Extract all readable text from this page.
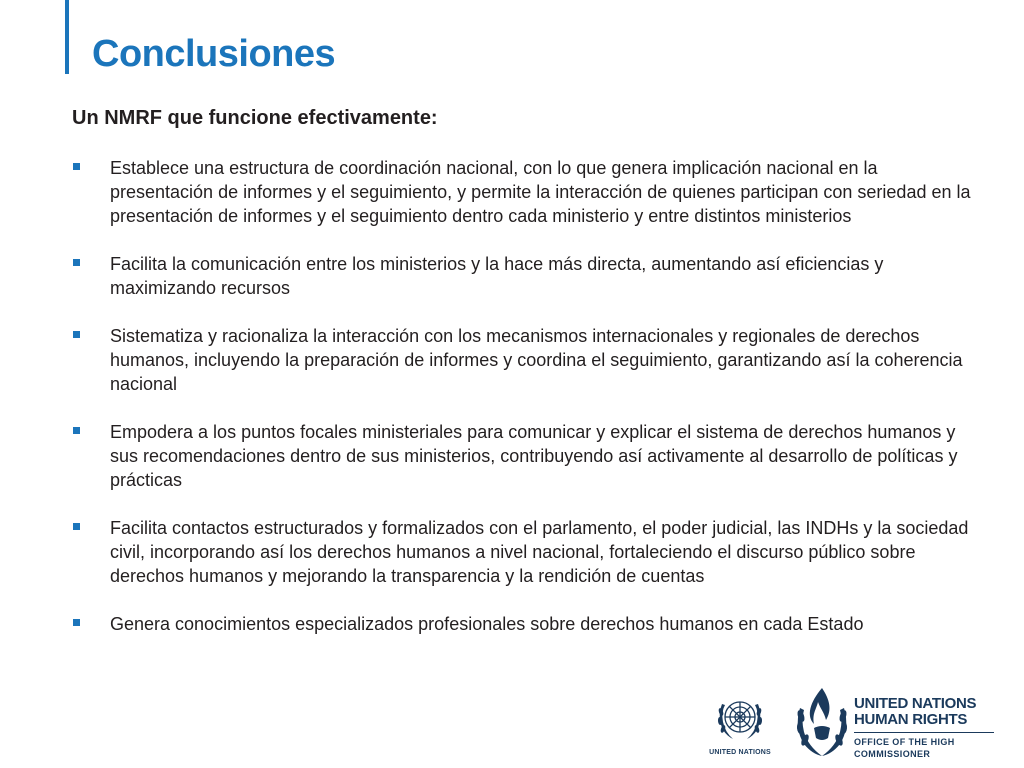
Conclusiones
Un NMRF que funcione efectivamente:
Establece una estructura de coordinación nacional, con lo que genera implicación nacional en la presentación de informes y el seguimiento, y permite la interacción de quienes participan con seriedad en la presentación de informes y el seguimiento dentro cada ministerio y entre distintos ministerios
Facilita la comunicación entre los ministerios y la hace más directa, aumentando así eficiencias y maximizando recursos
Sistematiza y racionaliza la interacción con los mecanismos internacionales y regionales de derechos humanos, incluyendo la preparación de informes y coordina el seguimiento, garantizando así la coherencia nacional
Empodera a los puntos focales ministeriales para comunicar y explicar el sistema de derechos humanos y sus recomendaciones dentro de sus ministerios, contribuyendo así activamente al desarrollo de políticas y prácticas
Facilita contactos estructurados y formalizados con el parlamento, el poder judicial, las INDHs y la sociedad civil, incorporando así los derechos humanos a nivel nacional, fortaleciendo el discurso público sobre derechos humanos y mejorando la transparencia y la rendición de cuentas
Genera conocimientos especializados profesionales sobre derechos humanos en cada Estado
UNITED NATIONS
UNITED NATIONS
HUMAN RIGHTS
OFFICE OF THE HIGH COMMISSIONER
